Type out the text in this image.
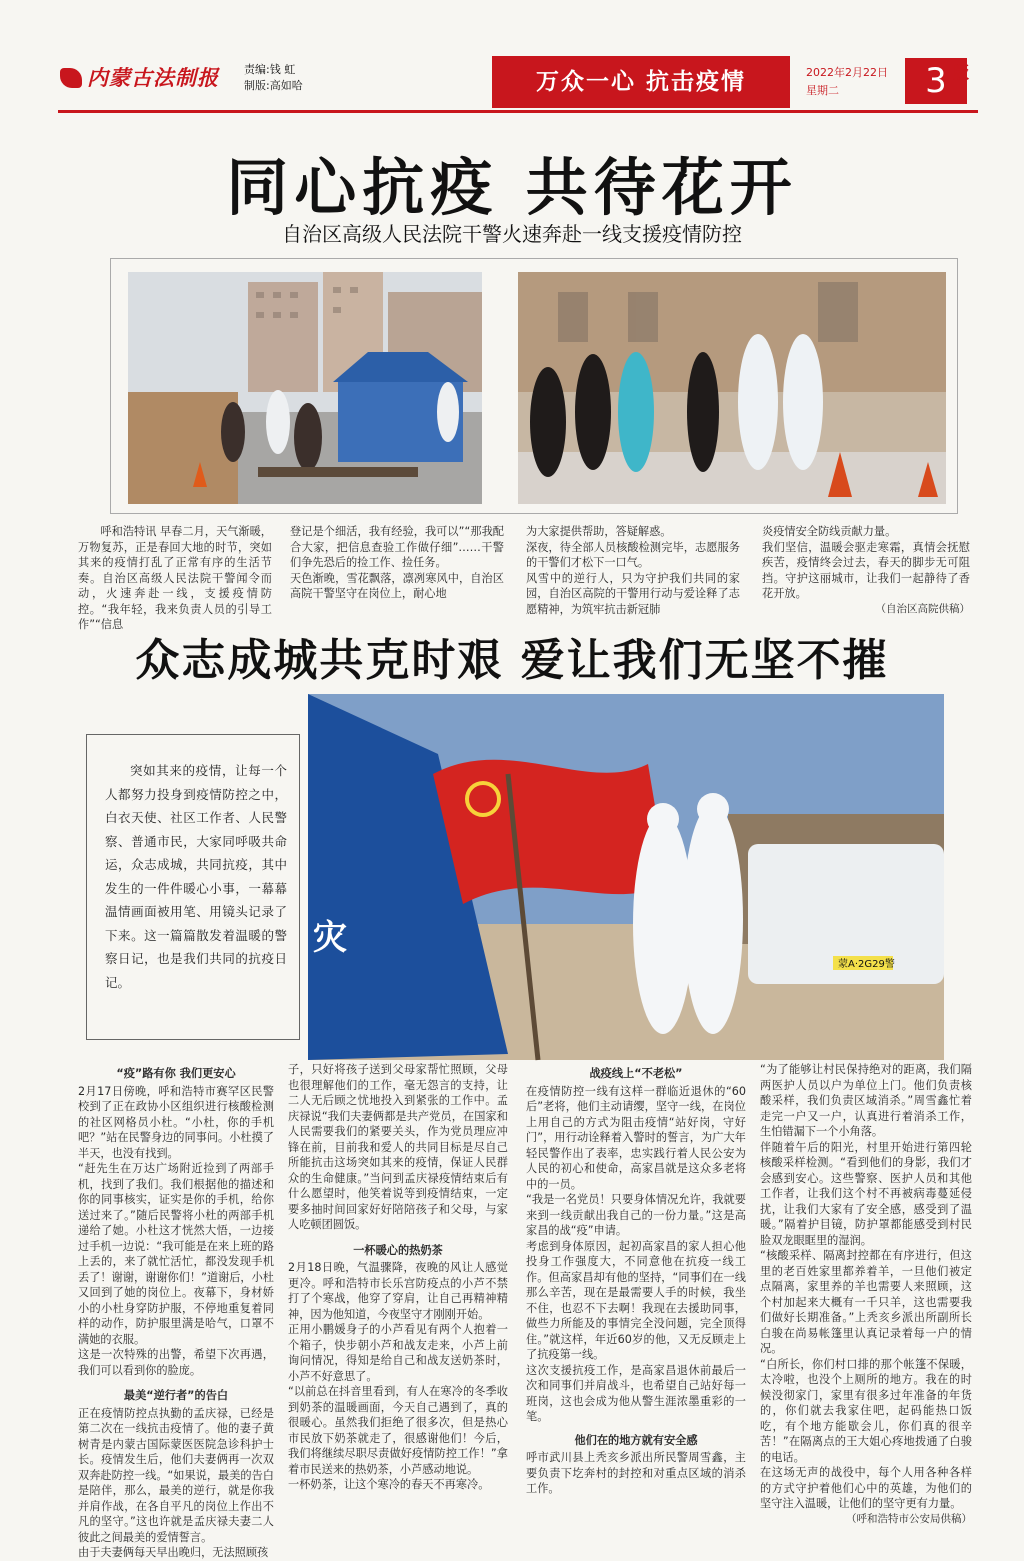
内蒙古法制报	责编:钱 虹
制版:高如哈	万众一心 抗击疫情	2022年2月22日
星期二	3 版
同心抗疫 共待花开
自治区高级人民法院干警火速奔赴一线支援疫情防控

呼和浩特讯 早春二月，天气渐暖，万物复苏，正是春回大地的时节，突如其来的疫情打乱了正常有序的生活节奏。自治区高级人民法院干警闻令而动，火速奔赴一线，支援疫情防控。“我年轻，我来负责人员的引导工作”“信息

登记是个细活，我有经验，我可以”“那我配合大家，把信息查验工作做仔细”……干警们争先恐后的捡工作、捡任务。
天色渐晚，雪花飘落，凛冽寒风中，自治区高院干警坚守在岗位上，耐心地

为大家提供帮助，答疑解惑。
深夜，待全部人员核酸检测完毕，志愿服务的干警们才松下一口气。
风雪中的逆行人，只为守护我们共同的家园，自治区高院的干警用行动与爱诠释了志愿精神，为筑牢抗击新冠肺

炎疫情安全防线贡献力量。
我们坚信，温暖会驱走寒霜，真情会抚慰疾苦，疫情终会过去，春天的脚步无可阻挡。守护这丽城市，让我们一起静待了香花开放。

（自治区高院供稿）
众志成城共克时艰 爱让我们无坚不摧
蒙A·2G29警
灾

突如其来的疫情，让每一个人都努力投身到疫情防控之中，白衣天使、社区工作者、人民警察、普通市民，大家同呼吸共命运，众志成城，共同抗疫，其中发生的一件件暖心小事，一幕幕温情画面被用笔、用镜头记录了下来。这一篇篇散发着温暖的警察日记，也是我们共同的抗疫日记。

“疫”路有你 我们更安心

2月17日傍晚，呼和浩特市赛罕区民警校到了正在政协小区组织进行核酸检测的社区网格员小杜。“小杜，你的手机吧？”站在民警身边的同事问。小杜摸了半天，也没有找到。
“赶先生在万达广场附近捡到了两部手机，找到了我们。我们根据他的描述和你的同事核实，证实是你的手机，给你送过来了。”随后民警将小杜的两部手机递给了她。小杜这才恍然大悟，一边接过手机一边说：“我可能是在来上班的路上丢的，来了就忙活忙，都没发现手机丢了！谢谢，谢谢你们！”道谢后，小杜又回到了她的岗位上。夜幕下，身材娇小的小杜身穿防护服，不停地重复着同样的动作，防护服里满是哈气，口罩不满她的衣服。
这是一次特殊的出警，希望下次再遇，我们可以看到你的脸庞。

最美“逆行者”的告白

正在疫情防控点执勤的孟庆禄，已经是第二次在一线抗击疫情了。他的妻子黄树青是内蒙古国际蒙医医院急诊科护士长。疫情发生后，他们夫妻俩再一次双双奔赴防控一线。“如果说，最美的告白是陪伴，那么，最美的逆行，就是你我并肩作战，在各自平凡的岗位上作出不凡的坚守。”这也许就是孟庆禄夫妻二人彼此之间最美的爱情誓言。
由于夫妻俩每天早出晚归，无法照顾孩

子，只好将孩子送到父母家帮忙照顾，父母也很理解他们的工作，毫无怨言的支持，让二人无后顾之忧地投入到紧张的工作中。孟庆禄说“我们夫妻俩都是共产党员，在国家和人民需要我们的紧要关头，作为党员理应冲锋在前，目前我和爱人的共同目标是尽自己所能抗击这场突如其来的疫情，保证人民群众的生命健康。”当问到孟庆禄疫情结束后有什么愿望时，他笑着说等到疫情结束，一定要多抽时间回家好好陪陪孩子和父母，与家人吃顿团圆饭。

一杯暖心的热奶茶

2月18日晚，气温骤降，夜晚的风让人感觉更冷。呼和浩特市长乐宫防疫点的小芦不禁打了个寒战，他穿了穿肩，让自己再精神精神，因为他知道，今夜坚守才刚刚开始。
正用小鹏媛身子的小芦看见有两个人抱着一个箱子，快步朝小芦和战友走来，小芦上前询问情况，得知是给自己和战友送奶茶时，小芦不好意思了。
“以前总在抖音里看到，有人在寒冷的冬季收到奶茶的温暖画面，今天自己遇到了，真的很暖心。虽然我们拒绝了很多次，但是热心市民放下奶茶就走了，很感谢他们！今后，我们将继续尽职尽责做好疫情防控工作！”拿着市民送来的热奶茶，小芦感动地说。
一杯奶茶，让这个寒冷的春天不再寒冷。

战疫线上“不老松”

在疫情防控一线有这样一群临近退休的“60后”老将，他们主动请缨，坚守一线，在岗位上用自己的方式为阻击疫情“站好岗，守好门”，用行动诠释着入警时的誓言，为广大年轻民警作出了表率，忠实践行着人民公安为人民的初心和使命，高家昌就是这众多老将中的一员。
“我是一名党员！只要身体情况允许，我就要来到一线贡献出我自己的一份力量。”这是高家昌的战“疫”申请。
考虑到身体原因，起初高家昌的家人担心他投身工作强度大，不同意他在抗疫一线工作。但高家昌却有他的坚持，“同事们在一线那么辛苦，现在是最需要人手的时候，我坐不住，也忍不下去啊！我现在去援助同事，做些力所能及的事情完全没问题，完全顶得住。”就这样，年近60岁的他，又无反顾走上了抗疫第一线。
这次支援抗疫工作，是高家昌退休前最后一次和同事们并肩战斗，也希望自己站好每一班岗，这也会成为他从警生涯浓墨重彩的一笔。

他们在的地方就有安全感

呼市武川县上秃亥乡派出所民警周雪鑫，主要负责下圪奔村的封控和对重点区域的消杀工作。

“为了能够让村民保持绝对的距离，我们隔两医护人员以户为单位上门。他们负责核酸采样，我们负责区域消杀。”周雪鑫忙着走完一户又一户，认真进行着消杀工作，生怕错漏下一个小角落。
伴随着午后的阳光，村里开始进行第四轮核酸采样检测。“看到他们的身影，我们才会感到安心。这些警察、医护人员和其他工作者，让我们这个村不再被病毒蔓延侵扰，让我们大家有了安全感，感受到了温暖。”隔着护目镜，防护罩都能感受到村民脸双龙眼眶里的湿润。
“核酸采样、隔离封控都在有序进行，但这里的老百姓家里都养着羊，一旦他们被定点隔离，家里养的羊也需要人来照顾，这个村加起来大概有一千只羊，这也需要我们做好长期准备。”上秃亥乡派出所副所长白骏在尚易帐篷里认真记录着每一户的情况。
“白所长，你们村口排的那个帐篷不保暖，太冷啦，也没个上厕所的地方。我在的时候没彻家门，家里有很多过年准备的年货的，你们就去我家住吧，起码能热口饭吃，有个地方能歇会儿，你们真的很辛苦！”在隔离点的王大姐心疼地拨通了白骏的电话。
在这场无声的战役中，每个人用各种各样的方式守护着他们心中的英雄，为他们的坚守注入温暖，让他们的坚守更有力量。

（呼和浩特市公安局供稿）
